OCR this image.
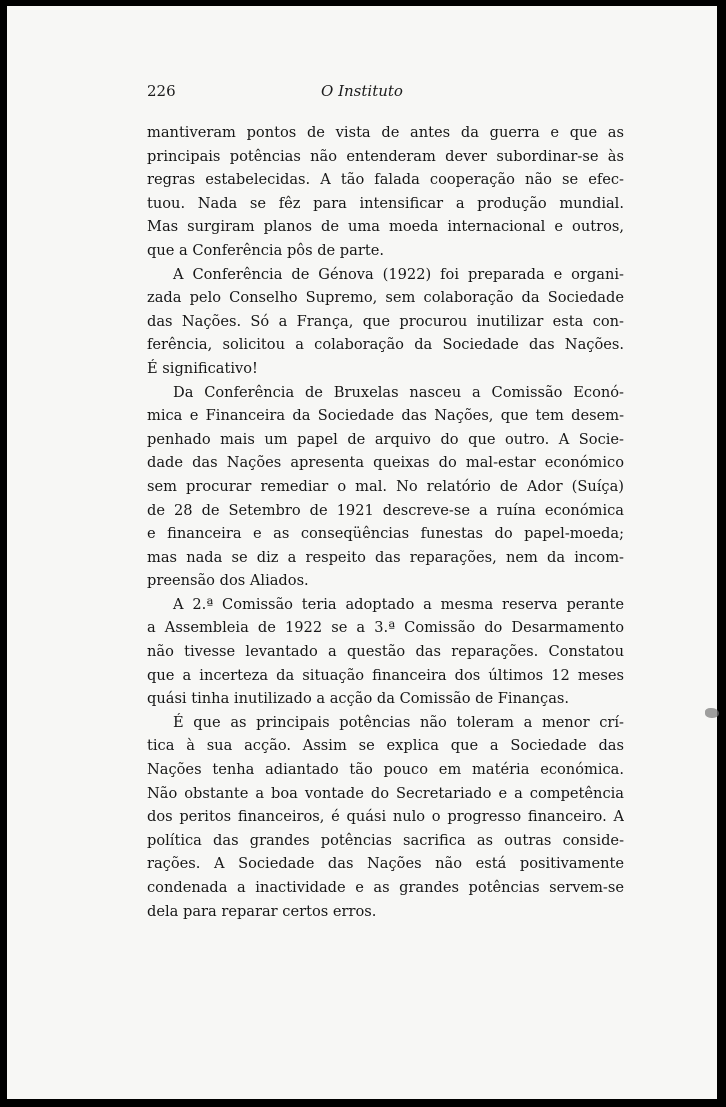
226	O Instituto
mantiveram pontos de vista de antes da guerra e que as
principais potências não entenderam dever subordinar-se às
regras estabelecidas. A tão falada cooperação não se efec-
tuou. Nada se fêz para intensificar a produção mundial.
Mas surgiram planos de uma moeda internacional e outros,
que a Conferência pôs de parte.
A Conferência de Génova (1922) foi preparada e organi-
zada pelo Conselho Supremo, sem colaboração da Sociedade
das Nações. Só a França, que procurou inutilizar esta con-
ferência, solicitou a colaboração da Sociedade das Nações.
É significativo!
Da Conferência de Bruxelas nasceu a Comissão Econó-
mica e Financeira da Sociedade das Nações, que tem desem-
penhado mais um papel de arquivo do que outro. A Socie-
dade das Nações apresenta queixas do mal-estar económico
sem procurar remediar o mal. No relatório de Ador (Suíça)
de 28 de Setembro de 1921 descreve-se a ruína económica
e financeira e as conseqüências funestas do papel-moeda;
mas nada se diz a respeito das reparações, nem da incom-
preensão dos Aliados.
A 2.ª Comissão teria adoptado a mesma reserva perante
a Assembleia de 1922 se a 3.ª Comissão do Desarmamento
não tivesse levantado a questão das reparações. Constatou
que a incerteza da situação financeira dos últimos 12 meses
quási tinha inutilizado a acção da Comissão de Finanças.
É que as principais potências não toleram a menor crí-
tica à sua acção. Assim se explica que a Sociedade das
Nações tenha adiantado tão pouco em matéria económica.
Não obstante a boa vontade do Secretariado e a competência
dos peritos financeiros, é quási nulo o progresso financeiro. A
política das grandes potências sacrifica as outras conside-
rações. A Sociedade das Nações não está positivamente
condenada a inactividade e as grandes potências servem-se
dela para reparar certos erros.
